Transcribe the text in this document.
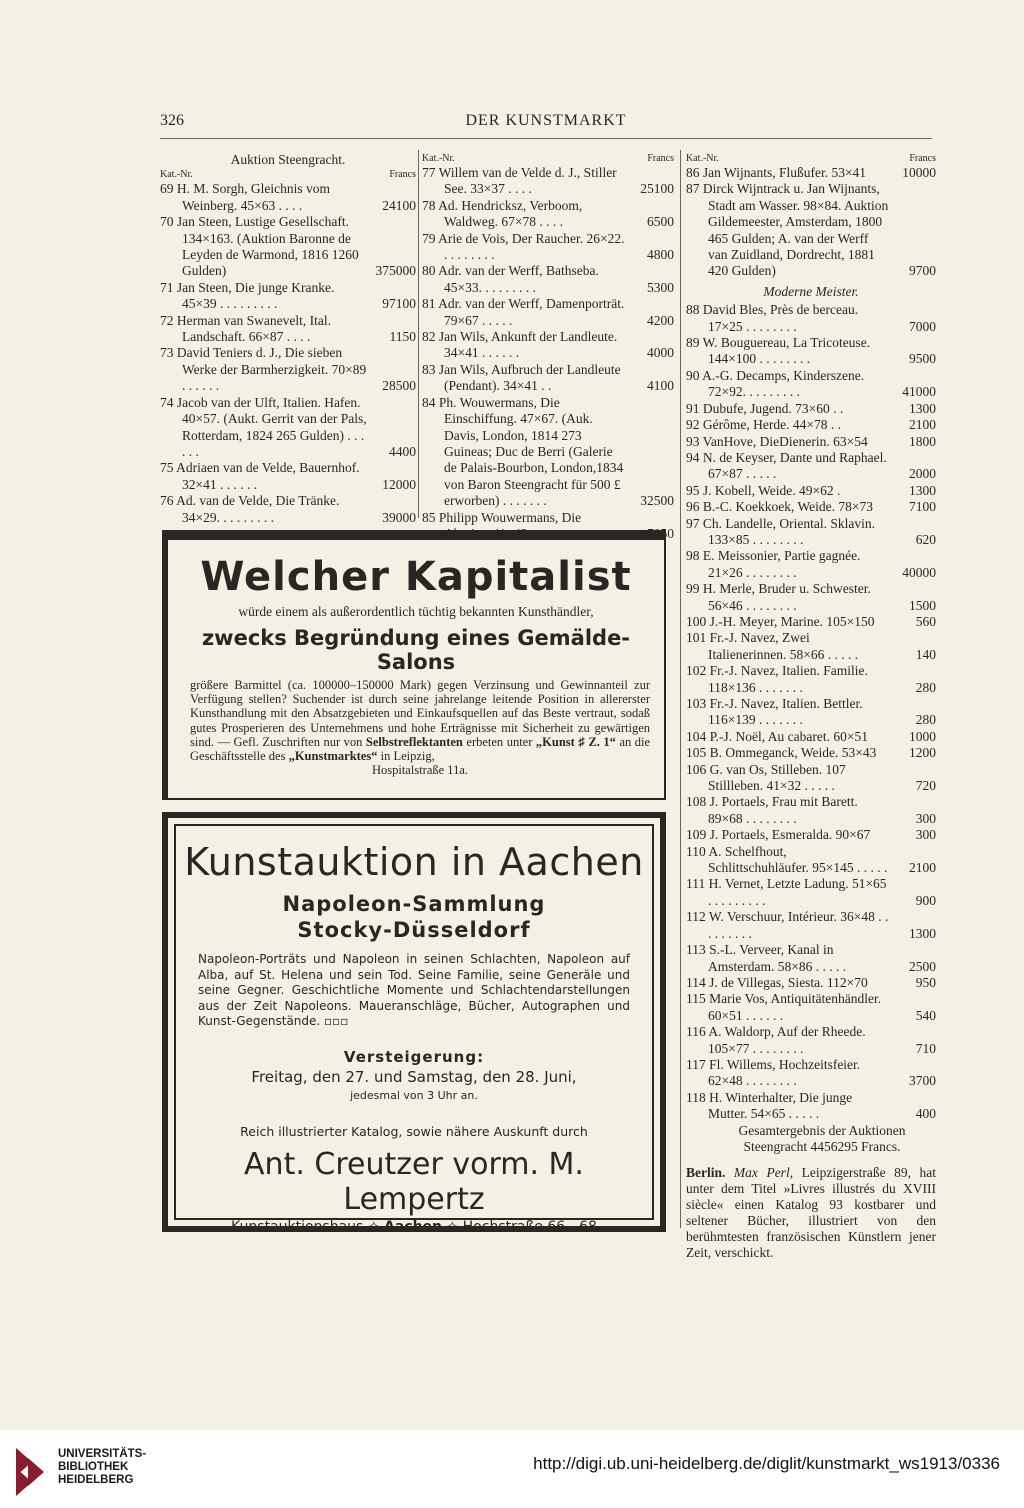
326	DER KUNSTMARKT
Auktion Steengracht.
Kat.-Nr.	Francs
69 H. M. Sorgh, Gleichnis vom Weinberg. 45×63 . . . .	24100
70 Jan Steen, Lustige Gesellschaft. 134×163. (Auktion Baronne de Leyden de Warmond, 1816 1260 Gulden)	375000
71 Jan Steen, Die junge Kranke. 45×39 . . . . . . . . .	97100
72 Herman van Swanevelt, Ital. Landschaft. 66×87 . . . .	1150
73 David Teniers d. J., Die sieben Werke der Barmherzigkeit. 70×89 . . . . . .	28500
74 Jacob van der Ulft, Italien. Hafen. 40×57. (Aukt. Gerrit van der Pals, Rotterdam, 1824 265 Gulden) . . . . . .	4400
75 Adriaen van de Velde, Bauernhof. 32×41 . . . . . .	12000
76 Ad. van de Velde, Die Tränke. 34×29. . . . . . . . .	39000
Kat.-Nr.	Francs
77 Willem van de Velde d. J., Stiller See. 33×37 . . . .	25100
78 Ad. Hendricksz, Verboom, Waldweg. 67×78 . . . .	6500
79 Arie de Vois, Der Raucher. 26×22. . . . . . . . .	4800
80 Adr. van der Werff, Bathseba. 45×33. . . . . . . . .	5300
81 Adr. van der Werff, Damenporträt. 79×67 . . . . .	4200
82 Jan Wils, Ankunft der Landleute. 34×41 . . . . . .	4000
83 Jan Wils, Aufbruch der Landleute (Pendant). 34×41 . .	4100
84 Ph. Wouwermans, Die Einschiffung. 47×67. (Auk. Davis, London, 1814 273 Guineas; Duc de Berri (Galerie de Palais-Bourbon, London,1834 von Baron Steengracht für 500 £ erworben) . . . . . . .	32500
85 Philipp Wouwermans, Die Abreise. 41×43 . . . . . .	7050
Kat.-Nr.	Francs
86 Jan Wijnants, Flußufer. 53×41	10000
87 Dirck Wijntrack u. Jan Wijnants, Stadt am Wasser. 98×84. Auktion Gildemeester, Amsterdam, 1800 465 Gulden; A. van der Werff van Zuidland, Dordrecht, 1881 420 Gulden)	9700
Moderne Meister.
88 David Bles, Près de berceau. 17×25 . . . . . . . .	7000
89 W. Bouguereau, La Tricoteuse. 144×100 . . . . . . . .	9500
90 A.-G. Decamps, Kinderszene. 72×92. . . . . . . . .	41000
91 Dubufe, Jugend. 73×60 . .	1300
92 Gérôme, Herde. 44×78 . .	2100
93 VanHove, DieDienerin. 63×54	1800
94 N. de Keyser, Dante und Raphael. 67×87 . . . . .	2000
95 J. Kobell, Weide. 49×62 .	1300
96 B.-C. Koekkoek, Weide. 78×73	7100
97 Ch. Landelle, Oriental. Sklavin. 133×85 . . . . . . . .	620
98 E. Meissonier, Partie gagnée. 21×26 . . . . . . . .	40000
99 H. Merle, Bruder u. Schwester. 56×46 . . . . . . . .	1500
100 J.-H. Meyer, Marine. 105×150	560
101 Fr.-J. Navez, Zwei Italienerinnen. 58×66 . . . . .	140
102 Fr.-J. Navez, Italien. Familie. 118×136 . . . . . . .	280
103 Fr.-J. Navez, Italien. Bettler. 116×139 . . . . . . .	280
104 P.-J. Noël, Au cabaret. 60×51	1000
105 B. Ommeganck, Weide. 53×43	1200
106 G. van Os, Stilleben. 107 Stillleben. 41×32 . . . . .	720
108 J. Portaels, Frau mit Barett. 89×68 . . . . . . . .	300
109 J. Portaels, Esmeralda. 90×67	300
110 A. Schelfhout, Schlittschuhläufer. 95×145 . . . . .	2100
111 H. Vernet, Letzte Ladung. 51×65 . . . . . . . . .	900
112 W. Verschuur, Intérieur. 36×48 . . . . . . . . .	1300
113 S.-L. Verveer, Kanal in Amsterdam. 58×86 . . . . .	2500
114 J. de Villegas, Siesta. 112×70	950
115 Marie Vos, Antiquitätenhändler. 60×51 . . . . . .	540
116 A. Waldorp, Auf der Rheede. 105×77 . . . . . . . .	710
117 Fl. Willems, Hochzeitsfeier. 62×48 . . . . . . . .	3700
118 H. Winterhalter, Die junge Mutter. 54×65 . . . . .	400
Gesamtergebnis der Auktionen Steengracht 4456295 Francs.
Berlin. Max Perl, Leipzigerstraße 89, hat unter dem Titel »Livres illustrés du XVIII siècle« einen Katalog 93 kostbarer und seltener Bücher, illustriert von den berühmtesten französischen Künstlern jener Zeit, verschickt.
Welcher Kapitalist
würde einem als außerordentlich tüchtig bekannten Kunsthändler,
zwecks Begründung eines Gemälde-Salons
größere Barmittel (ca. 100000–150000 Mark) gegen Verzinsung und Gewinnanteil zur Verfügung stellen? Suchender ist durch seine jahrelange leitende Position in allererster Kunsthandlung mit den Absatzgebieten und Einkaufsquellen auf das Beste vertraut, sodaß gutes Prosperieren des Unternehmens und hohe Erträgnisse mit Sicherheit zu gewärtigen sind. — Gefl. Zuschriften nur von Selbstreflektanten erbeten unter „Kunst ♯ Z. 1“ an die Geschäftsstelle des „Kunstmarktes“ in Leipzig,
Hospitalstraße 11a.
Kunstauktion in Aachen
Napoleon-Sammlung
Stocky-Düsseldorf
Napoleon-Porträts und Napoleon in seinen Schlachten, Napoleon auf Alba, auf St. Helena und sein Tod. Seine Familie, seine Generäle und seine Gegner. Geschichtliche Momente und Schlachtendarstellungen aus der Zeit Napoleons. Maueranschläge, Bücher, Autographen und Kunst-Gegenstände. ▫▫▫
Versteigerung:
Freitag, den 27. und Samstag, den 28. Juni,
jedesmal von 3 Uhr an.
Reich illustrierter Katalog, sowie nähere Auskunft durch
Ant. Creutzer vorm. M. Lempertz
Kunstauktionshaus ✧ Aachen ✧ Hochstraße 66—68
UNIVERSITÄTS-
BIBLIOTHEK
HEIDELBERG
http://digi.ub.uni-heidelberg.de/diglit/kunstmarkt_ws1913/0336
